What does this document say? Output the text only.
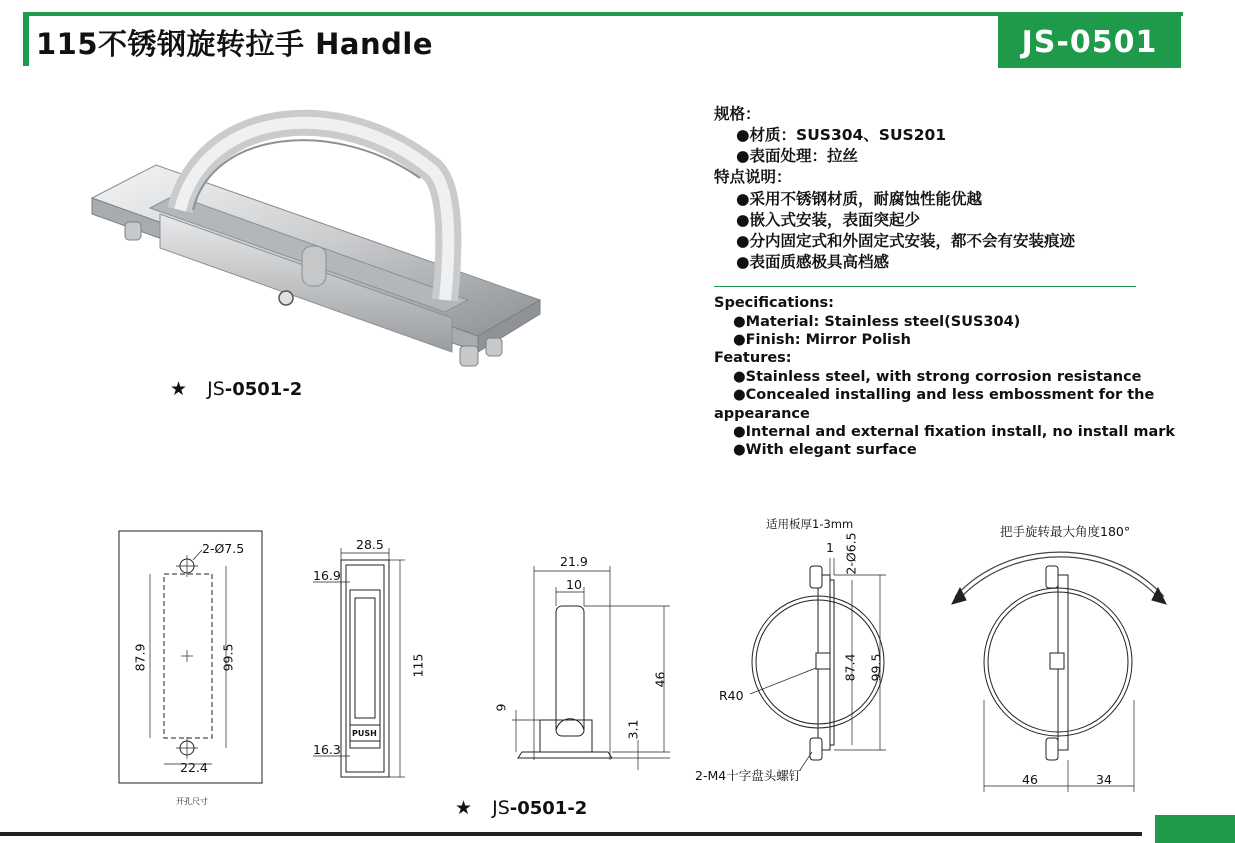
115不锈钢旋转拉手 Handle	JS-0501
规格：
●材质：SUS304、SUS201
●表面处理：拉丝
特点说明：
●采用不锈钢材质，耐腐蚀性能优越
●嵌入式安装，表面突起少
●分内固定式和外固定式安装，都不会有安装痕迹
●表面质感极具高档感
Specifications:
●Material: Stainless steel(SUS304)
●Finish: Mirror Polish
Features:
●Stainless steel, with strong corrosion resistance
●Concealed installing and less embossment for the
appearance
●Internal and external fixation install, no install mark
●With elegant surface
★ JS-0501-2
★ JS-0501-2
开孔尺寸
2-Ø7.5
87.9	99.5
22.4
28.5
16.9
16.3
115
PUSH
21.9
10
46
9
3.1
适用板厚1-3mm
1 2-Ø6.5
87.4 99.5
R40
2-M4十字盘头螺钉
把手旋转最大角度180°
46	34
